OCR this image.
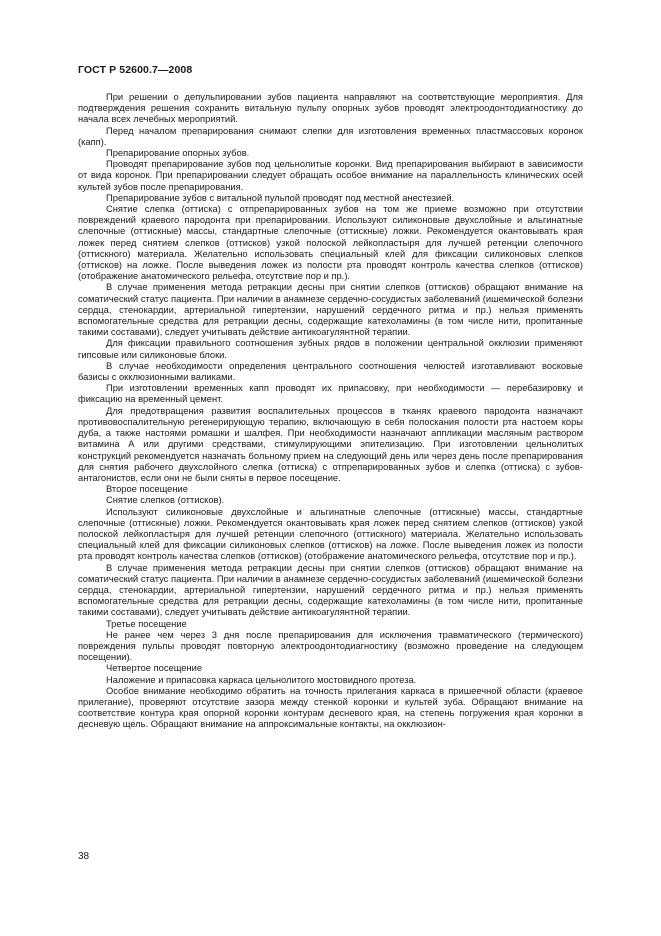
ГОСТ Р 52600.7—2008

При решении о депульпировании зубов пациента направляют на соответствующие мероприятия. Для подтверждения решения сохранить витальную пульпу опорных зубов проводят электроодонтодиагностику до начала всех лечебных мероприятий.

Перед началом препарирования снимают слепки для изготовления временных пластмассовых коронок (капп).

Препарирование опорных зубов.

Проводят препарирование зубов под цельнолитые коронки. Вид препарирования выбирают в зависимости от вида коронок. При препарировании следует обращать особое внимание на параллельность клинических осей культей зубов после препарирования.

Препарирование зубов с витальной пульпой проводят под местной анестезией.

Снятие слепка (оттиска) с отпрепарированных зубов на том же приеме возможно при отсутствии повреждений краевого пародонта при препарировании. Используют силиконовые двухслойные и альгинатные слепочные (оттискные) массы, стандартные слепочные (оттискные) ложки. Рекомендуется окантовывать края ложек перед снятием слепков (оттисков) узкой полоской лейкопластыря для лучшей ретенции слепочного (оттискного) материала. Желательно использовать специальный клей для фиксации силиконовых слепков (оттисков) на ложке. После выведения ложек из полости рта проводят контроль качества слепков (оттисков) (отображение анатомического рельефа, отсутствие пор и пр.).

В случае применения метода ретракции десны при снятии слепков (оттисков) обращают внимание на соматический статус пациента. При наличии в анамнезе сердечно-сосудистых заболеваний (ишемической болезни сердца, стенокардии, артериальной гипертензии, нарушений сердечного ритма и пр.) нельзя применять вспомогательные средства для ретракции десны, содержащие катехоламины (в том числе нити, пропитанные такими составами), следует учитывать действие антикоагулянтной терапии.

Для фиксации правильного соотношения зубных рядов в положении центральной окклюзии применяют гипсовые или силиконовые блоки.

В случае необходимости определения центрального соотношения челюстей изготавливают восковые базисы с окклюзионными валиками.

При изготовлении временных капп проводят их припасовку, при необходимости — перебазировку и фиксацию на временный цемент.

Для предотвращения развития воспалительных процессов в тканях краевого пародонта назначают противовоспалительную регенерирующую терапию, включающую в себя полоскания полости рта настоем коры дуба, а также настоями ромашки и шалфея. При необходимости назначают аппликации масляным раствором витамина А или другими средствами, стимулирующими эпителизацию. При изготовлении цельнолитых конструкций рекомендуется назначать больному прием на следующий день или через день после препарирования для снятия рабочего двухслойного слепка (оттиска) с отпрепарированных зубов и слепка (оттиска) с зубов-антагонистов, если они не были сняты в первое посещение.

Второе посещение

Снятие слепков (оттисков).

Используют силиконовые двухслойные и альгинатные слепочные (оттискные) массы, стандартные слепочные (оттискные) ложки. Рекомендуется окантовывать края ложек перед снятием слепков (оттисков) узкой полоской лейкопластыря для лучшей ретенции слепочного (оттискного) материала. Желательно использовать специальный клей для фиксации силиконовых слепков (оттисков) на ложке. После выведения ложек из полости рта проводят контроль качества слепков (оттисков) (отображение анатомического рельефа, отсутствие пор и пр.).

В случае применения метода ретракции десны при снятии слепков (оттисков) обращают внимание на соматический статус пациента. При наличии в анамнезе сердечно-сосудистых заболеваний (ишемической болезни сердца, стенокардии, артериальной гипертензии, нарушений сердечного ритма и пр.) нельзя применять вспомогательные средства для ретракции десны, содержащие катехоламины (в том числе нити, пропитанные такими составами), следует учитывать действие антикоагулянтной терапии.

Третье посещение

Не ранее чем через 3 дня после препарирования для исключения травматического (термического) повреждения пульпы проводят повторную электроодонтодиагностику (возможно проведение на следующем посещении).

Четвертое посещение

Наложение и припасовка каркаса цельнолитого мостовидного протеза.

Особое внимание необходимо обратить на точность прилегания каркаса в пришеечной области (краевое прилегание), проверяют отсутствие зазора между стенкой коронки и культей зуба. Обращают внимание на соответствие контура края опорной коронки контурам десневого края, на степень погружения края коронки в десневую щель. Обращают внимание на аппроксимальные контакты, на окклюзион-

38
